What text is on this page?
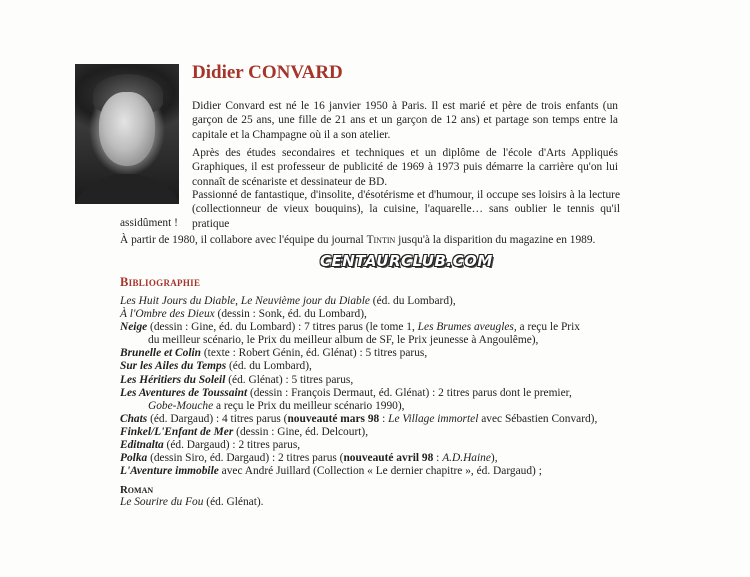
Didier CONVARD

Didier Convard est né le 16 janvier 1950 à Paris. Il est marié et père de trois enfants (un garçon de 25 ans, une fille de 21 ans et un garçon de 12 ans) et partage son temps entre la capitale et la Champagne où il a son atelier.

Après des études secondaires et techniques et un diplôme de l'école d'Arts Appliqués Graphiques, il est professeur de publicité de 1969 à 1973 puis démarre la carrière qu'on lui connaît de scénariste et dessinateur de BD.

Passionné de fantastique, d'insolite, d'ésotérisme et d'humour, il occupe ses loisirs à la lecture (collectionneur de vieux bouquins), la cuisine, l'aquarelle… sans oublier le tennis qu'il pratique

assidûment !

À partir de 1980, il collabore avec l'équipe du journal Tintin jusqu'à la disparition du magazine en 1989.

CENTAURCLUB.COM
Bibliographie

Les Huit Jours du Diable, Le Neuvième jour du Diable (éd. du Lombard),

À l'Ombre des Dieux (dessin : Sonk, éd. du Lombard),

Neige (dessin : Gine, éd. du Lombard) : 7 titres parus (le tome 1, Les Brumes aveugles, a reçu le Prix

du meilleur scénario, le Prix du meilleur album de SF, le Prix jeunesse à Angoulême),

Brunelle et Colin (texte : Robert Génin, éd. Glénat) : 5 titres parus,

Sur les Ailes du Temps (éd. du Lombard),

Les Héritiers du Soleil (éd. Glénat) : 5 titres parus,

Les Aventures de Toussaint (dessin : François Dermaut, éd. Glénat) : 2 titres parus dont le premier,

Gobe-Mouche a reçu le Prix du meilleur scénario 1990),

Chats (éd. Dargaud) : 4 titres parus (nouveauté mars 98 : Le Village immortel avec Sébastien Convard),

Finkel/L'Enfant de Mer (dessin : Gine, éd. Delcourt),

Editnalta (éd. Dargaud) : 2 titres parus,

Polka (dessin Siro, éd. Dargaud) : 2 titres parus (nouveauté avril 98 : A.D.Haine),

L'Aventure immobile avec André Juillard (Collection « Le dernier chapitre », éd. Dargaud) ;

Roman

Le Sourire du Fou (éd. Glénat).
